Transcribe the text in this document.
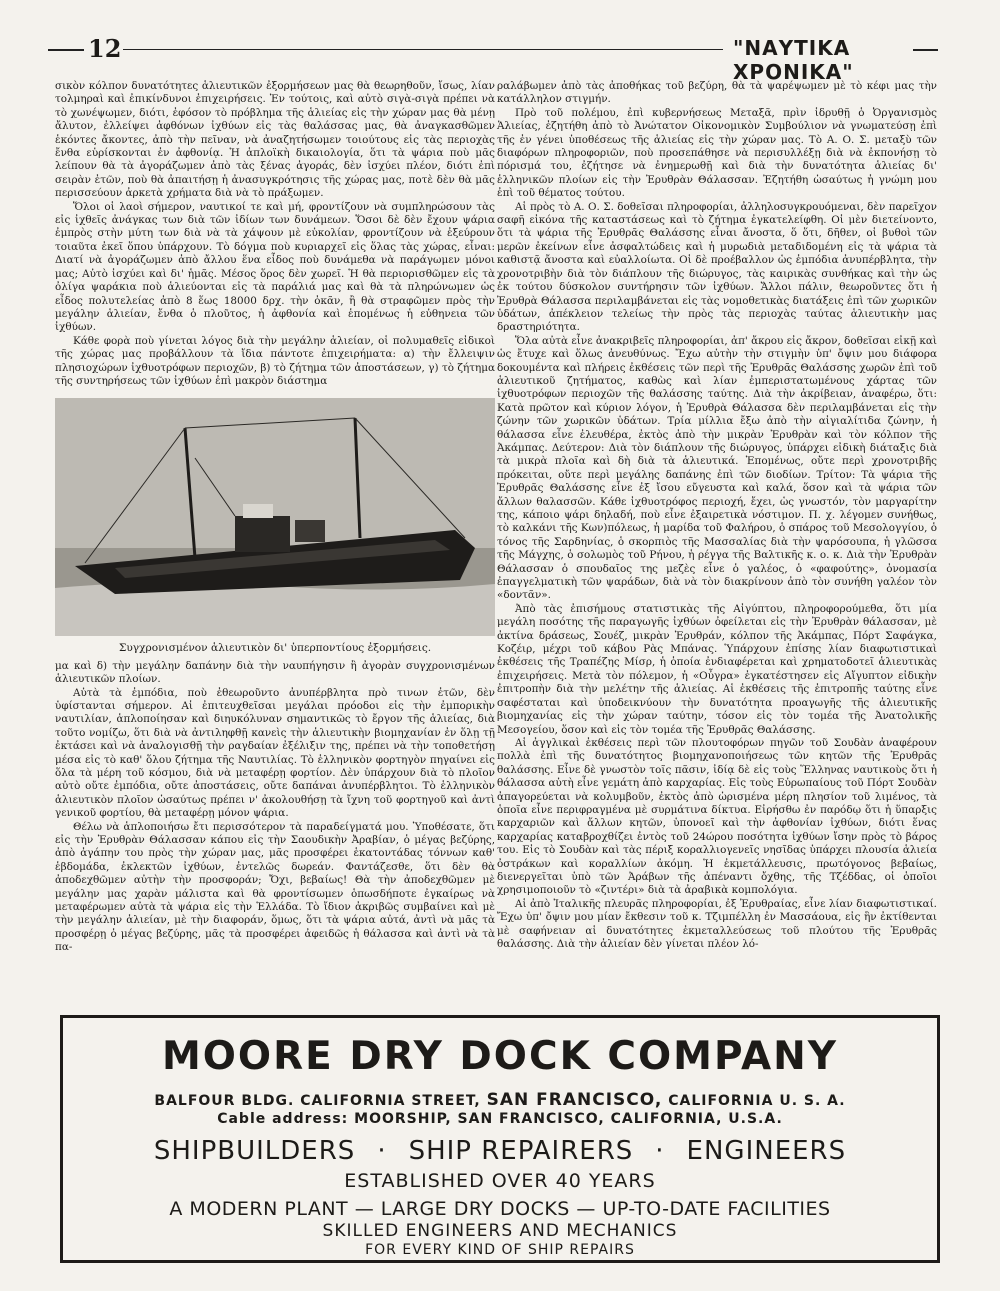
12	"ΝΑΥΤΙΚΑ ΧΡΟΝΙΚΑ"

σικὸν κόλπον δυνατότητες ἁλιευτικῶν ἐξορμήσεων μας θὰ θεωρηθοῦν, ἴσως, λίαν τολμηραὶ καὶ ἐπικίνδυνοι ἐπιχειρήσεις. Ἐν τούτοις, καὶ αὐτὸ σιγὰ-σιγὰ πρέπει νὰ τὸ χωνέψωμεν, διότι, ἐφόσον τὸ πρόβλημα τῆς ἁλιείας εἰς τὴν χώραν μας θὰ μένῃ ἄλυτον, ἐλλείψει ἀφθόνων ἰχθύων εἰς τὰς θαλάσσας μας, θὰ ἀναγκασθῶμεν ἑκόντες ἄκοντες, ἀπὸ τὴν πεῖναν, νὰ ἀναζητήσωμεν τοιούτους εἰς τὰς περιοχὰς ἔνθα εὑρίσκονται ἐν ἀφθονίᾳ. Ἡ ἁπλοϊκὴ δικαιολογία, ὅτι τὰ ψάρια ποὺ μᾶς λείπουν θὰ τὰ ἀγοράζωμεν ἀπὸ τὰς ξένας ἀγοράς, δὲν ἰσχύει πλέον, διότι ἐπὶ σειρὰν ἐτῶν, ποὺ θὰ ἀπαιτήσῃ ἡ ἀνασυγκρότησις τῆς χώρας μας, ποτὲ δὲν θὰ μᾶς περισσεύουν ἀρκετὰ χρήματα διὰ νὰ τὸ πράξωμεν.

Ὅλοι οἱ λαοὶ σήμερον, ναυτικοί τε καὶ μή, φροντίζουν νὰ συμπληρώσουν τὰς εἰς ἰχθεῖς ἀνάγκας των διὰ τῶν ἰδίων των δυνάμεων. Ὅσοι δὲ δὲν ἔχουν ψάρια ἐμπρὸς στὴν μύτη των διὰ νὰ τὰ χάψουν μὲ εὐκολίαν, φροντίζουν νὰ ἐξεύρουν τοιαῦτα ἐκεῖ ὅπου ὑπάρχουν. Τὸ δόγμα ποὺ κυριαρχεῖ εἰς ὅλας τὰς χώρας, εἶναι: Διατί νὰ ἀγοράζωμεν ἀπὸ ἄλλου ἕνα εἶδος ποὺ δυνάμεθα νὰ παράγωμεν μόνοι μας; Αὐτὸ ἰσχύει καὶ δι' ἡμᾶς. Μέσος ὅρος δὲν χωρεῖ. Ἡ θὰ περιορισθῶμεν εἰς τὰ ὀλίγα ψαράκια ποὺ ἁλιεύονται εἰς τὰ παράλιά μας καὶ θὰ τὰ πληρώνωμεν ὡς εἶδος πολυτελείας ἀπὸ 8 ἕως 18000 δρχ. τὴν ὀκᾶν, ἢ θὰ στραφῶμεν πρὸς τὴν μεγάλην ἁλιείαν, ἔνθα ὁ πλοῦτος, ἡ ἀφθονία καὶ ἑπομένως ἡ εὐθηνεια τῶν ἰχθύων.

Κάθε φορὰ ποὺ γίνεται λόγος διὰ τὴν μεγάλην ἁλιείαν, οἱ πολυμαθεῖς εἰδικοὶ τῆς χώρας μας προβάλλουν τὰ ἴδια πάντοτε ἐπιχειρήματα: α) τὴν ἔλλειψιν πλησιοχώρων ἰχθυοτρόφων περιοχῶν, β) τὸ ζήτημα τῶν ἀποστάσεων, γ) τὸ ζήτημα τῆς συντηρήσεως τῶν ἰχθύων ἐπὶ μακρὸν διάστημα

Συγχρονισμένον ἁλιευτικὸν δι' ὑπερποντίους ἐξορμήσεις.

μα καὶ δ) τὴν μεγάλην δαπάνην διὰ τὴν ναυπήγησιν ἢ ἀγορὰν συγχρονισμένων ἁλιευτικῶν πλοίων.

Αὐτὰ τὰ ἐμπόδια, ποὺ ἐθεωροῦντο ἀνυπέρβλητα πρὸ τινων ἐτῶν, δὲν ὑφίστανται σήμερον. Αἱ ἐπιτευχθεῖσαι μεγάλαι πρόοδοι εἰς τὴν ἐμπορικὴν ναυτιλίαν, ἁπλοποίησαν καὶ διηυκόλυναν σημαντικῶς τὸ ἔργον τῆς ἁλιείας, διὰ τοῦτο νομίζω, ὅτι διὰ νὰ ἀντιληφθῇ κανεὶς τὴν ἁλιευτικὴν βιομηχανίαν ἐν ὅλῃ τῇ ἐκτάσει καὶ νὰ ἀναλογισθῇ τὴν ραγδαίαν ἐξέλιξιν της, πρέπει νὰ τὴν τοποθετήσῃ μέσα εἰς τὸ καθ' ὅλου ζήτημα τῆς Ναυτιλίας. Τὸ ἑλληνικὸν φορτηγὸν πηγαίνει εἰς ὅλα τὰ μέρη τοῦ κόσμου, διὰ νὰ μεταφέρῃ φορτίον. Δὲν ὑπάρχουν διὰ τὸ πλοῖον αὐτὸ οὔτε ἐμπόδια, οὔτε ἀποστάσεις, οὔτε δαπάναι ἀνυπέρβλητοι. Τὸ ἑλληνικὸν ἁλιευτικὸν πλοῖον ὡσαύτως πρέπει ν' ἀκολουθήσῃ τὰ ἴχνη τοῦ φορτηγοῦ καὶ ἀντὶ γενικοῦ φορτίου, θὰ μεταφέρῃ μόνον ψάρια.

Θέλω νὰ ἁπλοποιήσω ἔτι περισσότερον τὰ παραδείγματά μου. Ὑποθέσατε, ὅτι εἰς τὴν Ἐρυθρὰν Θάλασσαν κάπου εἰς τὴν Σαουδικὴν Ἀραβίαν, ὁ μέγας βεζύρης, ἀπὸ ἀγάπην του πρὸς τὴν χώραν μας, μᾶς προσφέρει ἑκατοντάδας τόννων καθ' ἑβδομάδα, ἐκλεκτῶν ἰχθύων, ἐντελῶς δωρεάν. Φαντάζεσθε, ὅτι δὲν θὰ ἀποδεχθῶμεν αὐτὴν τὴν προσφοράν; Ὄχι, βεβαίως! Θὰ τὴν ἀποδεχθῶμεν μὲ μεγάλην μας χαρὰν μάλιστα καὶ θὰ φροντίσωμεν ὁπωσδήποτε ἐγκαίρως νὰ μεταφέρωμεν αὐτὰ τὰ ψάρια εἰς τὴν Ἑλλάδα. Τὸ ἴδιον ἀκριβῶς συμβαίνει καὶ μὲ τὴν μεγάλην ἁλιείαν, μὲ τὴν διαφοράν, ὅμως, ὅτι τὰ ψάρια αὐτά, ἀντὶ νὰ μᾶς τὰ προσφέρῃ ὁ μέγας βεζύρης, μᾶς τὰ προσφέρει ἀφειδῶς ἡ θάλασσα καὶ ἀντὶ νὰ τὰ πα-

ραλάβωμεν ἀπὸ τὰς ἀποθήκας τοῦ βεζύρη, θὰ τὰ ψαρέψωμεν μὲ τὸ κέφι μας τὴν κατάλληλον στιγμήν.

Πρὸ τοῦ πολέμου, ἐπὶ κυβερνήσεως Μεταξᾶ, πρὶν ἱδρυθῇ ὁ Ὀργανισμὸς Ἁλιείας, ἐζητήθη ἀπὸ τὸ Ἀνώτατον Οἰκονομικὸν Συμβούλιον νὰ γνωματεύσῃ ἐπὶ τῆς ἐν γένει ὑποθέσεως τῆς ἁλιείας εἰς τὴν χώραν μας. Τὸ Α. Ο. Σ. μεταξὺ τῶν διαφόρων πληροφοριῶν, ποὺ προσεπάθησε νὰ περισυλλέξῃ διὰ νὰ ἐκπονήσῃ τὸ πόρισμά του, ἐζήτησε νὰ ἐνημερωθῇ καὶ διὰ τὴν δυνατότητα ἁλιείας δι' ἑλληνικῶν πλοίων εἰς τὴν Ἐρυθρὰν Θάλασσαν. Ἐζητήθη ὡσαύτως ἡ γνώμη μου ἐπὶ τοῦ θέματος τούτου.

Αἱ πρὸς τὸ Α. Ο. Σ. δοθεῖσαι πληροφορίαι, ἀλληλοσυγκρουόμεναι, δὲν παρεῖχον σαφῆ εἰκόνα τῆς καταστάσεως καὶ τὸ ζήτημα ἐγκατελείφθη. Οἱ μὲν διετείνοντο, ὅτι τὰ ψάρια τῆς Ἐρυθρᾶς Θαλάσσης εἶναι ἄνοστα, ὅ ὅτι, δῆθεν, οἱ βυθοὶ τῶν μερῶν ἐκείνων εἶνε ἀσφαλτώδεις καὶ ἡ μυρωδιὰ μεταδιδομένη εἰς τὰ ψάρια τὰ καθιστᾷ ἄνοστα καὶ εὐαλλοίωτα. Οἱ δὲ προέβαλλον ὡς ἐμπόδια ἀνυπέρβλητα, τὴν χρονοτριβὴν διὰ τὸν διάπλουν τῆς διώρυγος, τὰς καιρικὰς συνθήκας καὶ τὴν ὡς ἐκ τούτου δύσκολον συντήρησιν τῶν ἰχθύων. Ἄλλοι πάλιν, θεωροῦντες ὅτι ἡ Ἐρυθρὰ Θάλασσα περιλαμβάνεται εἰς τὰς νομοθετικὰς διατάξεις ἐπὶ τῶν χωρικῶν ὑδάτων, ἀπέκλειον τελείως τὴν πρὸς τὰς περιοχὰς ταύτας ἁλιευτικὴν μας δραστηριότητα.

Ὅλα αὐτὰ εἶνε ἀνακριβεῖς πληροφορίαι, ἀπ' ἄκρου εἰς ἄκρον, δοθεῖσαι εἰκῇ καὶ ὡς ἔτυχε καὶ ὅλως ἀνευθύνως. Ἔχω αὐτὴν τὴν στιγμὴν ὑπ' ὄψιν μου διάφορα δοκουμέντα καὶ πλήρεις ἐκθέσεις τῶν περὶ τῆς Ἐρυθρᾶς Θαλάσσης χωρῶν ἐπὶ τοῦ ἁλιευτικοῦ ζητήματος, καθὼς καὶ λίαν ἐμπεριστατωμένους χάρτας τῶν ἰχθυοτρόφων περιοχῶν τῆς θαλάσσης ταύτης. Διὰ τὴν ἀκρίβειαν, ἀναφέρω, ὅτι: Κατὰ πρῶτον καὶ κύριον λόγον, ἡ Ἐρυθρὰ Θάλασσα δὲν περιλαμβάνεται εἰς τὴν ζώνην τῶν χωρικῶν ὑδάτων. Τρία μίλλια ἔξω ἀπὸ τὴν αἰγιαλίτιδα ζώνην, ἡ θάλασσα εἶνε ἐλευθέρα, ἐκτὸς ἀπὸ τὴν μικρὰν Ἐρυθρὰν καὶ τὸν κόλπον τῆς Ἀκάμπας. Δεύτερον: Διὰ τὸν διάπλουν τῆς διώρυγος, ὑπάρχει εἰδικὴ διάταξις διὰ τὰ μικρὰ πλοῖα καὶ δὴ διὰ τὰ ἁλιευτικά. Ἑπομένως, οὔτε περὶ χρονοτριβῆς πρόκειται, οὔτε περὶ μεγάλης δαπάνης ἐπὶ τῶν διοδίων. Τρίτον: Τὰ ψάρια τῆς Ἐρυθρᾶς Θαλάσσης εἶνε ἐξ ἴσου εὔγευστα καὶ καλά, ὅσον καὶ τὰ ψάρια τῶν ἄλλων θαλασσῶν. Κάθε ἰχθυοτρόφος περιοχή, ἔχει, ὡς γνωστόν, τὸν μαργαρίτην της, κάποιο ψάρι δηλαδή, ποὺ εἶνε ἐξαιρετικὰ νόστιμον. Π. χ. λέγομεν συνήθως, τὸ καλκάνι τῆς Κων)πόλεως, ἡ μαρίδα τοῦ Φαλήρου, ὁ σπάρος τοῦ Μεσολογγίου, ὁ τόνος τῆς Σαρδηνίας, ὁ σκορπιὸς τῆς Μασσαλίας διὰ τὴν ψαρόσουπα, ἡ γλῶσσα τῆς Μάγχης, ὁ σολωμὸς τοῦ Ρήνου, ἡ ρέγγα τῆς Βαλτικῆς κ. ο. κ. Διὰ τὴν Ἐρυθρὰν Θάλασσαν ὁ σπουδαῖος της μεζὲς εἶνε ὁ γαλέος, ὁ «φαφούτης», ὀνομασία ἐπαγγελματικὴ τῶν ψαράδων, διὰ νὰ τὸν διακρίνουν ἀπὸ τὸν συνήθη γαλέον τὸν «δοντᾶν».

Ἀπὸ τὰς ἐπισήμους στατιστικὰς τῆς Αἰγύπτου, πληροφορούμεθα, ὅτι μία μεγάλη ποσότης τῆς παραγωγῆς ἰχθύων ὀφείλεται εἰς τὴν Ἐρυθρὰν θάλασσαν, μὲ ἀκτίνα δράσεως, Σουέζ, μικρὰν Ἐρυθράν, κόλπον τῆς Ἀκάμπας, Πόρτ Σαφάγκα, Κοζέιρ, μέχρι τοῦ κάβου Ρὰς Μπάνας. Ὑπάρχουν ἐπίσης λίαν διαφωτιστικαὶ ἐκθέσεις τῆς Τραπέζης Μίσρ, ἡ ὁποία ἐνδιαφέρεται καὶ χρηματοδοτεῖ ἁλιευτικὰς ἐπιχειρήσεις. Μετὰ τὸν πόλεμον, ἡ «Οὖγρα» ἐγκατέστησεν εἰς Αἴγυπτον εἰδικὴν ἐπιτροπὴν διὰ τὴν μελέτην τῆς ἁλιείας. Αἱ ἐκθέσεις τῆς ἐπιτροπῆς ταύτης εἶνε σαφέσταται καὶ ὑποδεικνύουν τὴν δυνατότητα προαγωγῆς τῆς ἁλιευτικῆς βιομηχανίας εἰς τὴν χώραν ταύτην, τόσον εἰς τὸν τομέα τῆς Ἀνατολικῆς Μεσογείου, ὅσον καὶ εἰς τὸν τομέα τῆς Ἐρυθρᾶς Θαλάσσης.

Αἱ ἀγγλικαὶ ἐκθέσεις περὶ τῶν πλουτοφόρων πηγῶν τοῦ Σουδὰν ἀναφέρουν πολλὰ ἐπὶ τῆς δυνατότητος βιομηχανοποιήσεως τῶν κητῶν τῆς Ἐρυθρᾶς θαλάσσης. Εἶνε δὲ γνωστὸν τοῖς πᾶσιν, ἰδίᾳ δὲ εἰς τοὺς Ἕλληνας ναυτικοὺς ὅτι ἡ θάλασσα αὐτὴ εἶνε γεμάτη ἀπὸ καρχαρίας. Εἰς τοὺς Εὐρωπαίους τοῦ Πόρτ Σουδὰν ἀπαγορεύεται νὰ κολυμβοῦν, ἐκτὸς ἀπὸ ὡρισμένα μέρη πλησίον τοῦ λιμένος, τὰ ὁποῖα εἶνε περιφραγμένα μὲ συρμάτινα δίκτυα. Εἰρήσθω ἐν παρόδῳ ὅτι ἡ ὕπαρξις καρχαριῶν καὶ ἄλλων κητῶν, ὑπονοεῖ καὶ τὴν ἀφθονίαν ἰχθύων, διότι ἕνας καρχαρίας καταβροχθίζει ἐντὸς τοῦ 24ώρου ποσότητα ἰχθύων ἴσην πρὸς τὸ βάρος του. Εἰς τὸ Σουδὰν καὶ τὰς πέριξ κοραλλιογενεῖς νησῖδας ὑπάρχει πλουσία ἁλιεία ὀστράκων καὶ κοραλλίων ἀκόμη. Ἡ ἐκμετάλλευσις, πρωτόγονος βεβαίως, διενεργεῖται ὑπὸ τῶν Ἀράβων τῆς ἀπέναντι ὄχθης, τῆς Τζέδδας, οἱ ὁποῖοι χρησιμοποιοῦν τὸ «ζιντέρι» διὰ τὰ ἀραβικὰ κομπολόγια.

Αἱ ἀπὸ Ἰταλικῆς πλευρᾶς πληροφορίαι, ἐξ Ἐρυθραίας, εἶνε λίαν διαφωτιστικαί. Ἔχω ὑπ' ὄψιν μου μίαν ἔκθεσιν τοῦ κ. Τζιμπέλλη ἐν Μασσάουα, εἰς ἣν ἐκτίθενται μὲ σαφήνειαν αἱ δυνατότητες ἐκμεταλλεύσεως τοῦ πλούτου τῆς Ἐρυθρᾶς θαλάσσης. Διὰ τὴν ἁλιείαν δὲν γίνεται πλέον λό-

MOORE DRY DOCK COMPANY
BALFOUR BLDG. CALIFORNIA STREET, SAN FRANCISCO, CALIFORNIA U. S. A.
Cable address: MOORSHIP, SAN FRANCISCO, CALIFORNIA, U.S.A.
SHIPBUILDERS · SHIP REPAIRERS · ENGINEERS
ESTABLISHED OVER 40 YEARS
A MODERN PLANT — LARGE DRY DOCKS — UP-TO-DATE FACILITIES
SKILLED ENGINEERS AND MECHANICS
FOR EVERY KIND OF SHIP REPAIRS
